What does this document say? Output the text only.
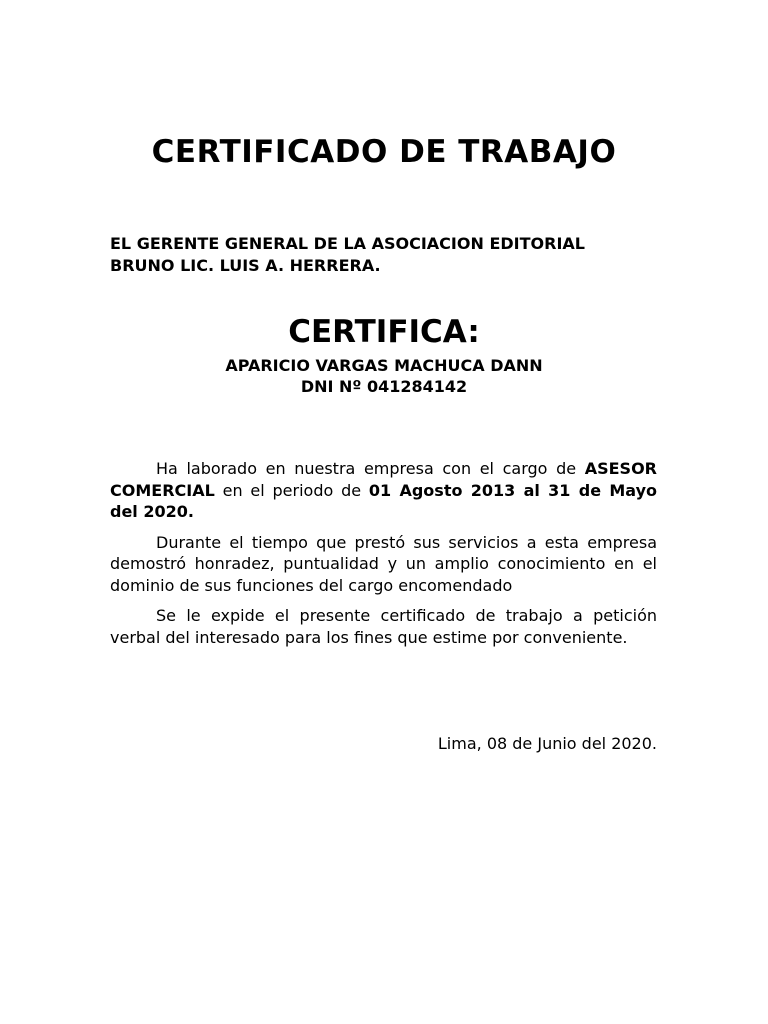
CERTIFICADO DE TRABAJO
EL GERENTE GENERAL DE LA ASOCIACION EDITORIAL
BRUNO LIC. LUIS A. HERRERA.
CERTIFICA:
APARICIO VARGAS MACHUCA DANN
DNI Nº 041284142

Ha laborado en nuestra empresa con el cargo de ASESOR COMERCIAL en el periodo de 01 Agosto 2013 al 31 de Mayo del 2020.

Durante el tiempo que prestó sus servicios a esta empresa demostró honradez, puntualidad y un amplio conocimiento en el dominio de sus funciones del cargo encomendado

Se le expide el presente certificado de trabajo a petición verbal del interesado para los fines que estime por conveniente.

Lima, 08 de Junio del 2020.
